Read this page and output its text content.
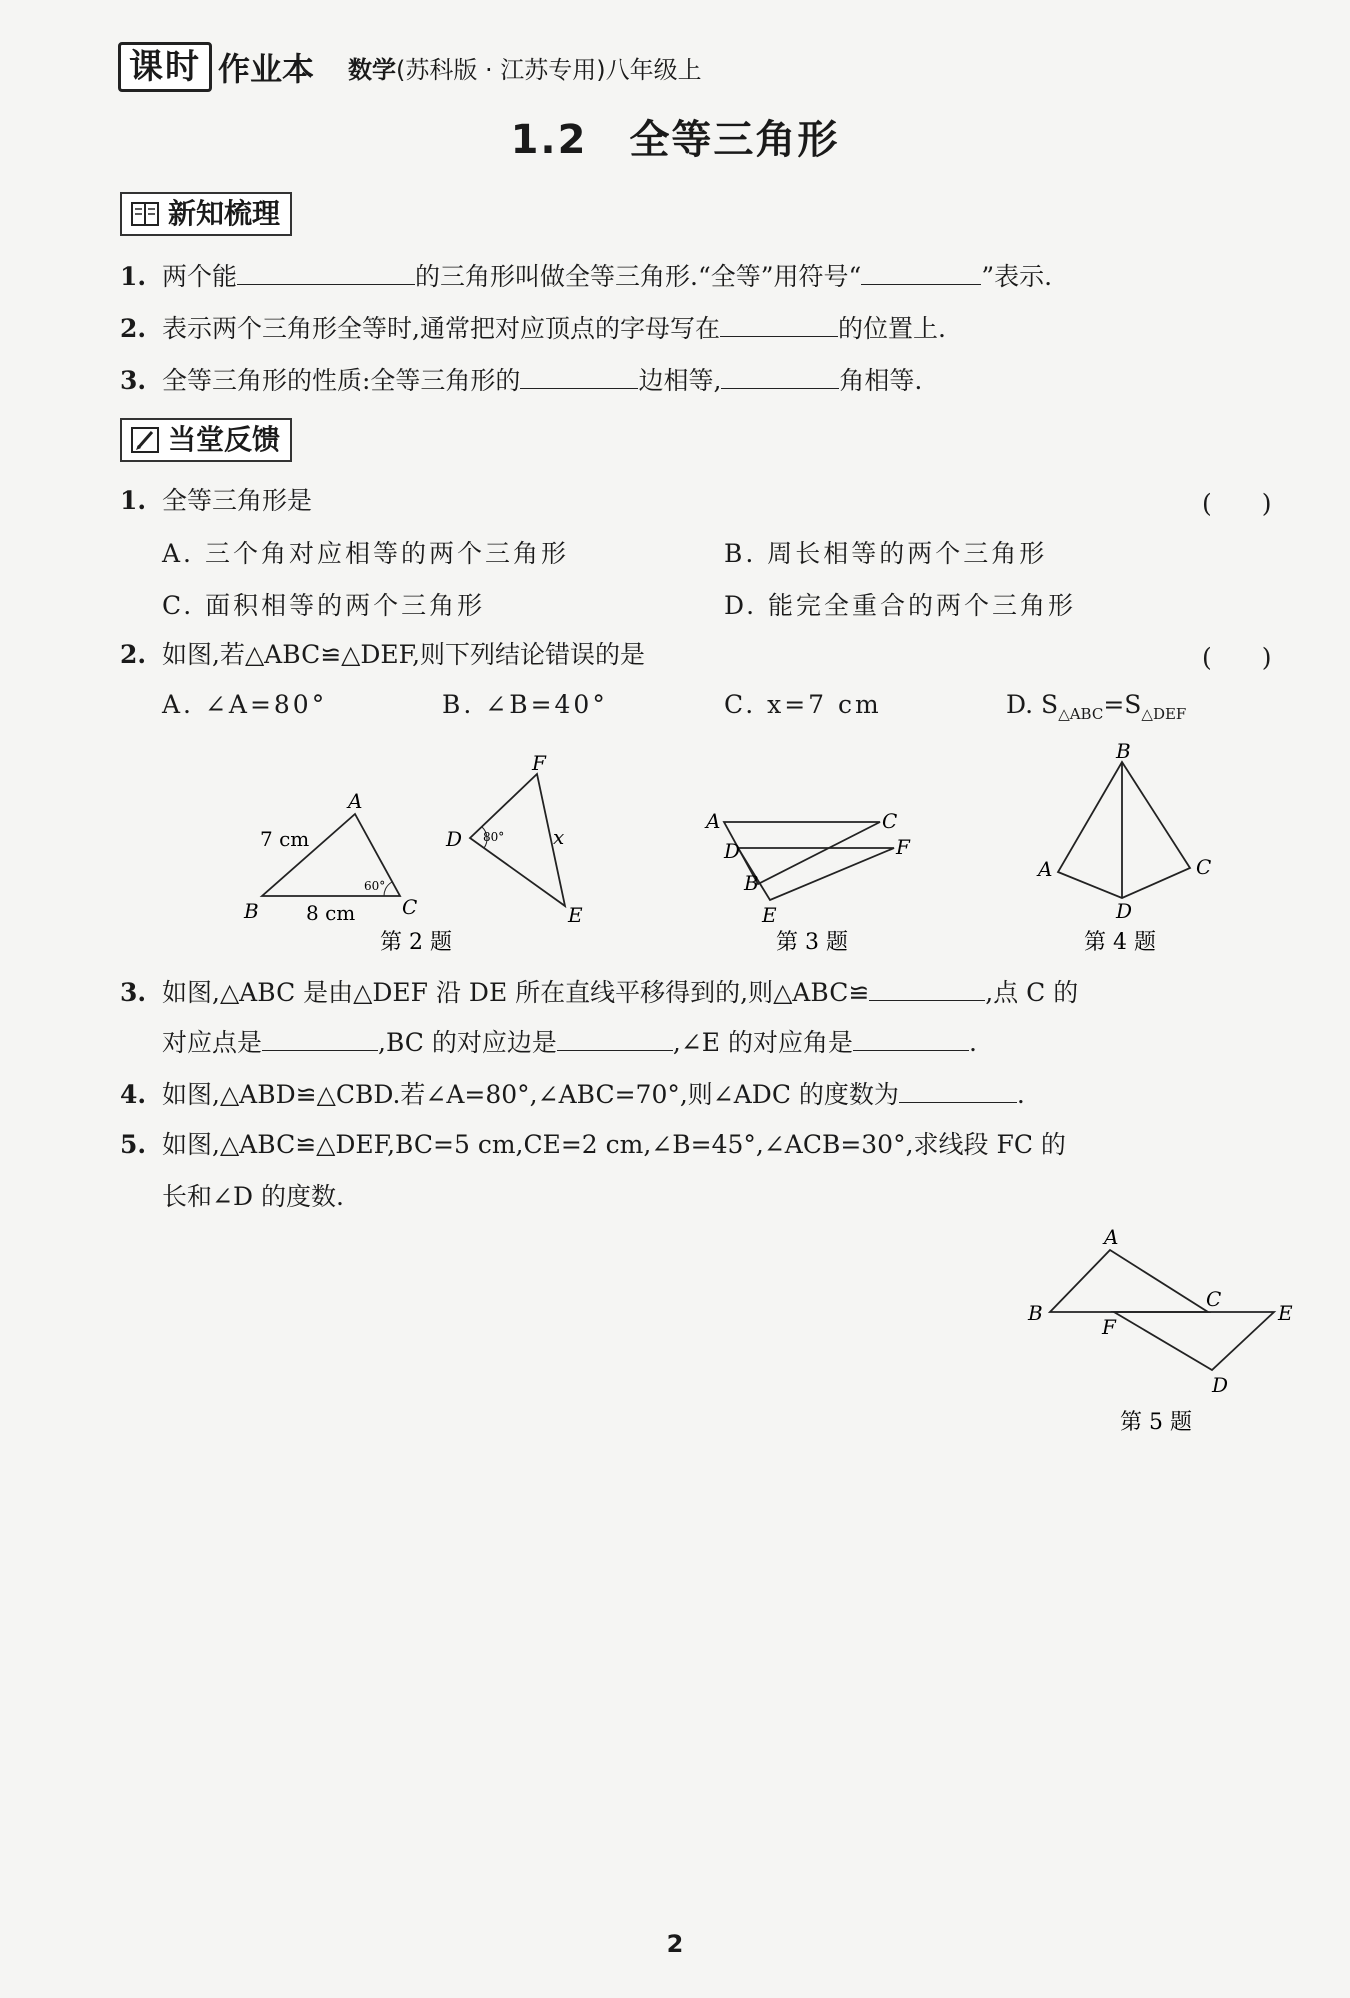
课时 作业本 数学(苏科版 · 江苏专用)八年级上
1.2　全等三角形
新知梳理
1. 两个能	的三角形叫做全等三角形.“全等”用符号“	”表示.
2. 表示两个三角形全等时,通常把对应顶点的字母写在	的位置上.
3. 全等三角形的性质:全等三角形的	边相等,	角相等.
当堂反馈
1. 全等三角形是	(　　)
A. 三个角对应相等的两个三角形	B. 周长相等的两个三角形
C. 面积相等的两个三角形	D. 能完全重合的两个三角形
2. 如图,若△ABC≌△DEF,则下列结论错误的是	(　　)
A. ∠A=80°	B. ∠B=40°	C. x=7 cm	D. $S_{\triangle ABC}=S_{\triangle DEF}$
A
B	C
7 cm
8 cm
60°
D
E
F
80° x
第 2 题
A	C
D	F
B
E
第 3 题
B
A	C
D
第 4 题
3. 如图,△ABC 是由△DEF 沿 DE 所在直线平移得到的,则△ABC≌	,点 C 的
对应点是	,BC 的对应边是	,∠E 的对应角是	.
4. 如图,△ABD≌△CBD.若∠A=80°,∠ABC=70°,则∠ADC 的度数为	.
5. 如图,△ABC≌△DEF,BC=5 cm,CE=2 cm,∠B=45°,∠ACB=30°,求线段 FC 的
长和∠D 的度数.
A
B
C
E
F
D
第 5 题
2
